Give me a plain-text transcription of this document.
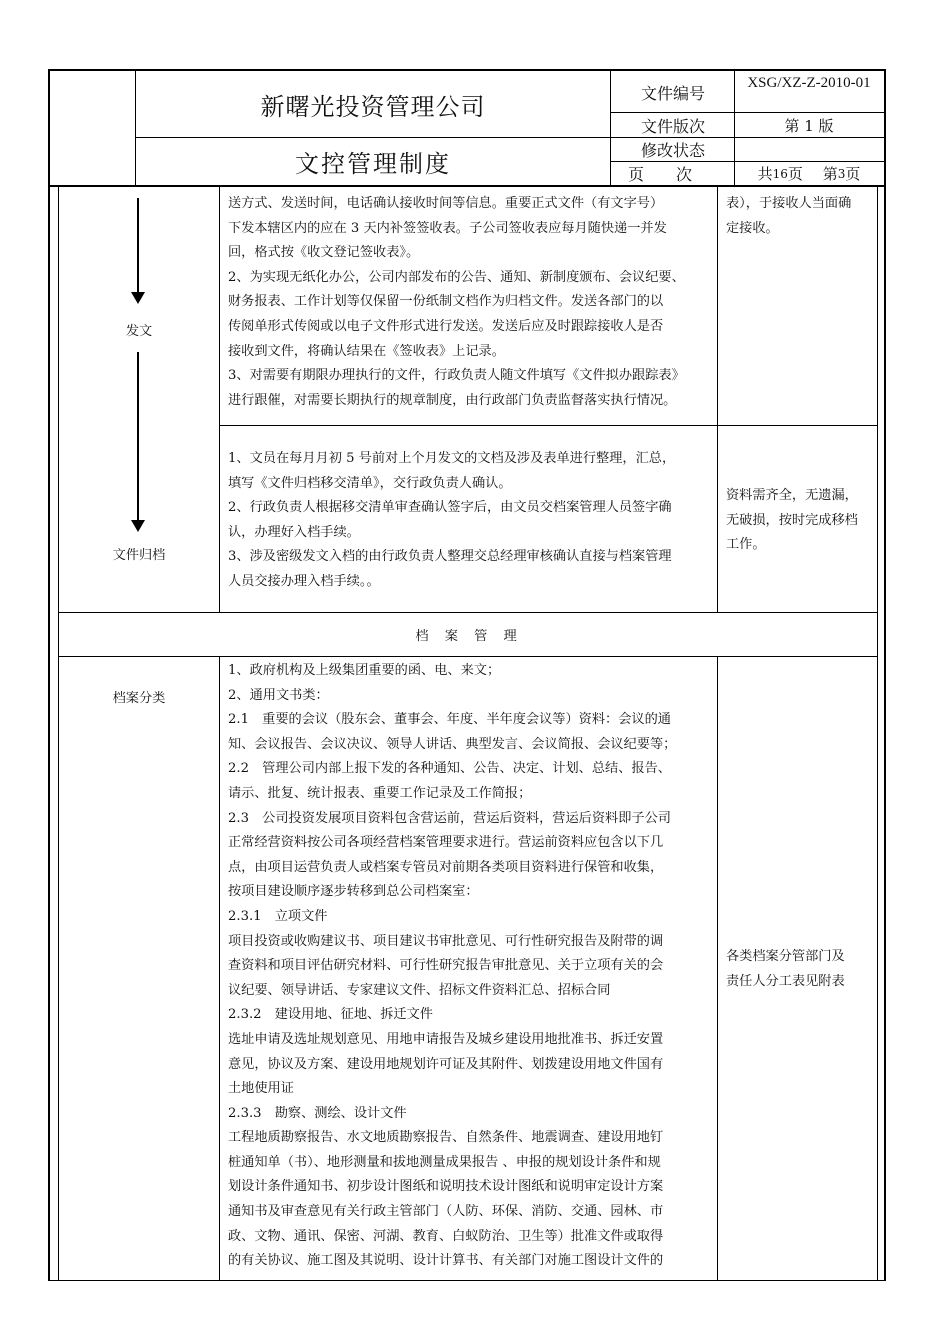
新曙光投资管理公司
文控管理制度
文件编号
XSG/XZ-Z-2010-01
文件版次	第 1 版
修改状态
页　　次	共 16 页　 第 3 页
发文
文件归档
档案分类

送方式、发送时间，电话确认接收时间等信息。重要正式文件（有文字号）

下发本辖区内的应在 3 天内补签签收表。子公司签收表应每月随快递一并发

回，格式按《收文登记签收表》。

2、为实现无纸化办公，公司内部发布的公告、通知、新制度颁布、会议纪要、

财务报表、工作计划等仅保留一份纸制文档作为归档文件。发送各部门的以

传阅单形式传阅或以电子文件形式进行发送。发送后应及时跟踪接收人是否

接收到文件，将确认结果在《签收表》上记录。

3、对需要有期限办理执行的文件，行政负责人随文件填写《文件拟办跟踪表》

进行跟催，对需要长期执行的规章制度，由行政部门负责监督落实执行情况。

表），于接收人当面确

定接收。

1、文员在每月月初 5 号前对上个月发文的文档及涉及表单进行整理，汇总，

填写《文件归档移交清单》，交行政负责人确认。

2、行政负责人根据移交清单审查确认签字后，由文员交档案管理人员签字确

认，办理好入档手续。

3、涉及密级发文入档的由行政负责人整理交总经理审核确认直接与档案管理

人员交接办理入档手续。。

资料需齐全，无遗漏，

无破损，按时完成移档

工作。

档 案 管 理

1、政府机构及上级集团重要的函、电、来文；

2、通用文书类：

2.1　重要的会议（股东会、董事会、年度、半年度会议等）资料：会议的通

知、会议报告、会议决议、领导人讲话、典型发言、会议简报、会议纪要等；

2.2　管理公司内部上报下发的各种通知、公告、决定、计划、总结、报告、

请示、批复、统计报表、重要工作记录及工作简报；

2.3　公司投资发展项目资料包含营运前，营运后资料，营运后资料即子公司

正常经营资料按公司各项经营档案管理要求进行。营运前资料应包含以下几

点，由项目运营负责人或档案专管员对前期各类项目资料进行保管和收集，

按项目建设顺序逐步转移到总公司档案室：

2.3.1　立项文件

项目投资或收购建议书、项目建议书审批意见、可行性研究报告及附带的调

查资料和项目评估研究材料、可行性研究报告审批意见、关于立项有关的会

议纪要、领导讲话、专家建议文件、招标文件资料汇总、招标合同

2.3.2　建设用地、征地、拆迁文件

选址申请及选址规划意见、用地申请报告及城乡建设用地批准书、拆迁安置

意见，协议及方案、建设用地规划许可证及其附件、划拨建设用地文件国有

土地使用证

2.3.3　勘察、测绘、设计文件

工程地质勘察报告、水文地质勘察报告、自然条件、地震调查、建设用地钉

桩通知单（书）、地形测量和拔地测量成果报告 、申报的规划设计条件和规

划设计条件通知书、初步设计图纸和说明技术设计图纸和说明审定设计方案

通知书及审查意见有关行政主管部门（人防、环保、消防、交通、园林、市

政、文物、通讯、保密、河湖、教育、白蚁防治、卫生等）批准文件或取得

的有关协议、施工图及其说明、设计计算书、有关部门对施工图设计文件的

各类档案分管部门及

责任人分工表见附表
